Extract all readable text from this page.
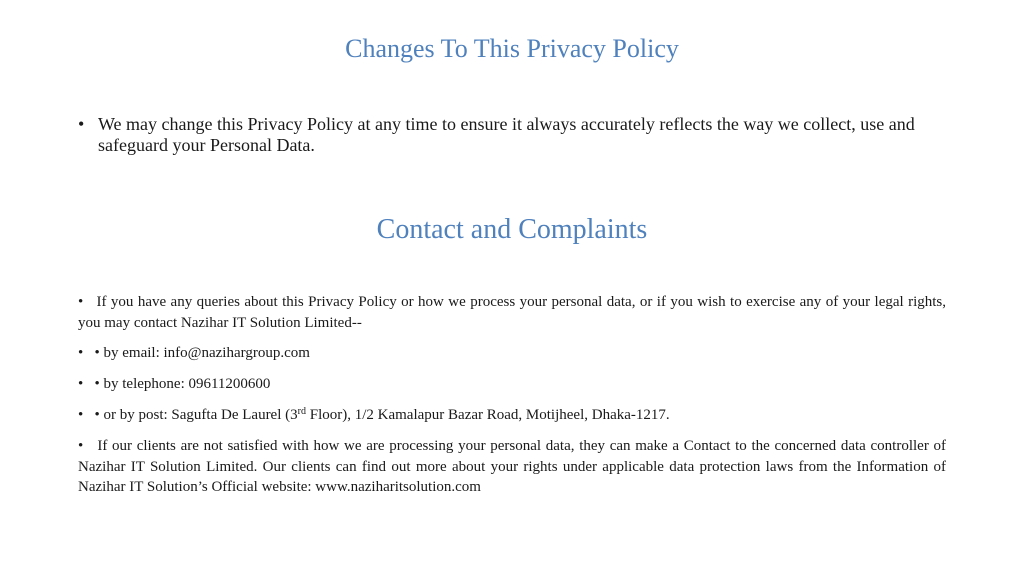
Changes To This Privacy Policy
• We may change this Privacy Policy at any time to ensure it always accurately reflects the way we collect, use and safeguard your Personal Data.
Contact and Complaints
• If you have any queries about this Privacy Policy or how we process your personal data, or if you wish to exercise any of your legal rights, you may contact Nazihar IT Solution Limited--
• • by email: info@nazihargroup.com
• • by telephone: 09611200600
• • or by post: Sagufta De Laurel (3rd Floor), 1/2 Kamalapur Bazar Road, Motijheel, Dhaka-1217.
• If our clients are not satisfied with how we are processing your personal data, they can make a Contact to the concerned data controller of Nazihar IT Solution Limited. Our clients can find out more about your rights under applicable data protection laws from the Information of Nazihar IT Solution’s Official website: www.naziharitsolution.com
